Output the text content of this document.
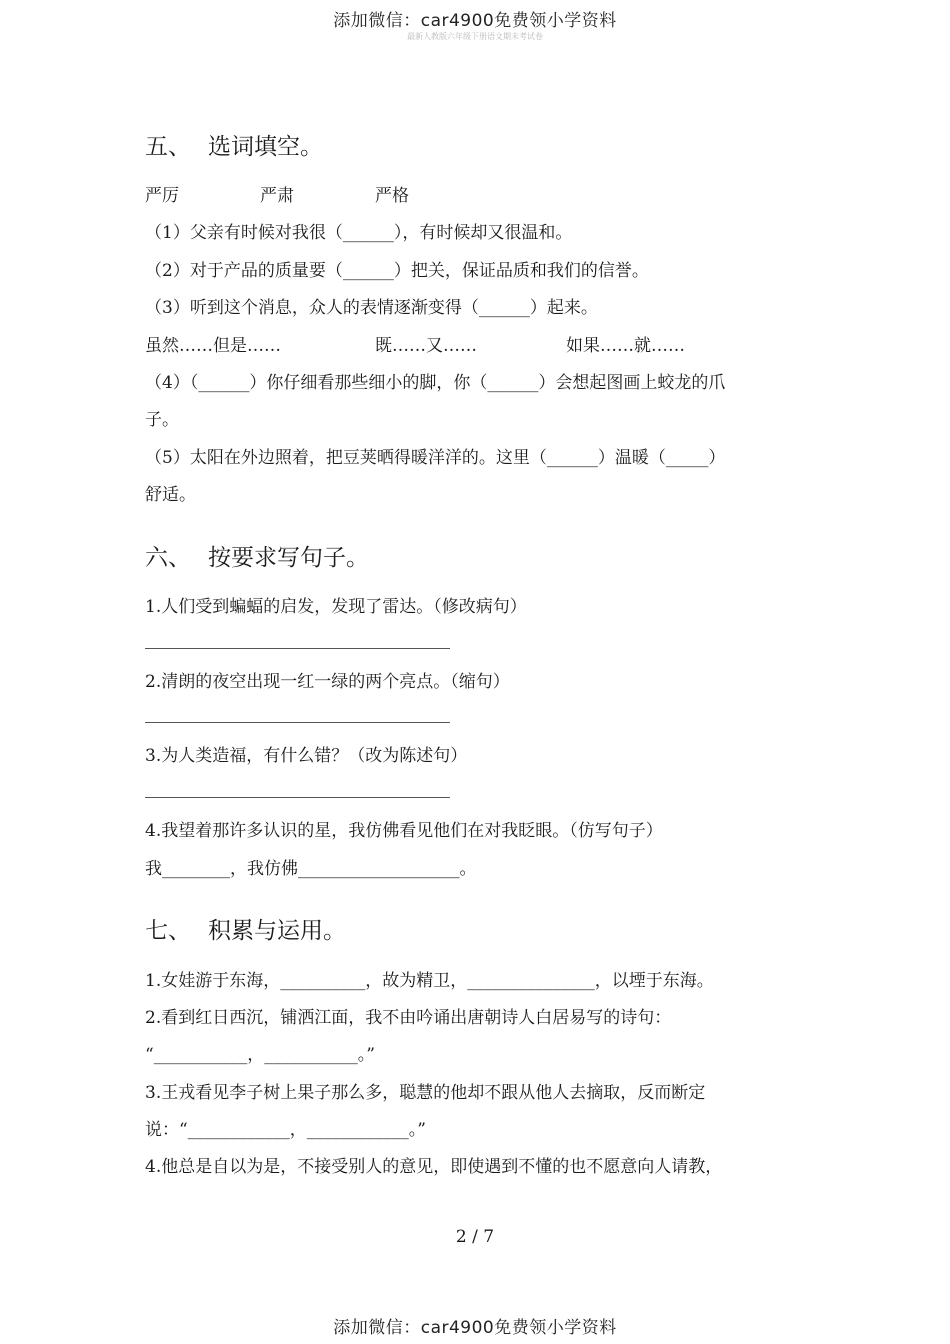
添加微信：car4900免费领小学资料
最新人教版六年级下册语文期末考试卷
五、 选词填空。
严厉	严肃	严格
（1）父亲有时候对我很（______），有时候却又很温和。
（2）对于产品的质量要（______）把关，保证品质和我们的信誉。
（3）听到这个消息，众人的表情逐渐变得（______）起来。
虽然……但是……	既……又……	如果……就……
（4）（______）你仔细看那些细小的脚，你（______）会想起图画上蛟龙的爪
子。
（5）太阳在外边照着，把豆荚晒得暖洋洋的。这里（______）温暖（_____）
舒适。
六、 按要求写句子。
1.人们受到蝙蝠的启发，发现了雷达。（修改病句）
2.清朗的夜空出现一红一绿的两个亮点。（缩句）
3.为人类造福，有什么错？（改为陈述句）
4.我望着那许多认识的星，我仿佛看见他们在对我眨眼。（仿写句子）
我________，我仿佛___________________。
七、 积累与运用。
1.女娃游于东海，__________，故为精卫，_______________，以堙于东海。
2.看到红日西沉，铺洒江面，我不由吟诵出唐朝诗人白居易写的诗句：
“___________，___________。”
3.王戎看见李子树上果子那么多，聪慧的他却不跟从他人去摘取，反而断定
说：“____________，____________。”
4.他总是自以为是，不接受别人的意见，即使遇到不懂的也不愿意向人请教，
2 / 7
添加微信：car4900免费领小学资料
